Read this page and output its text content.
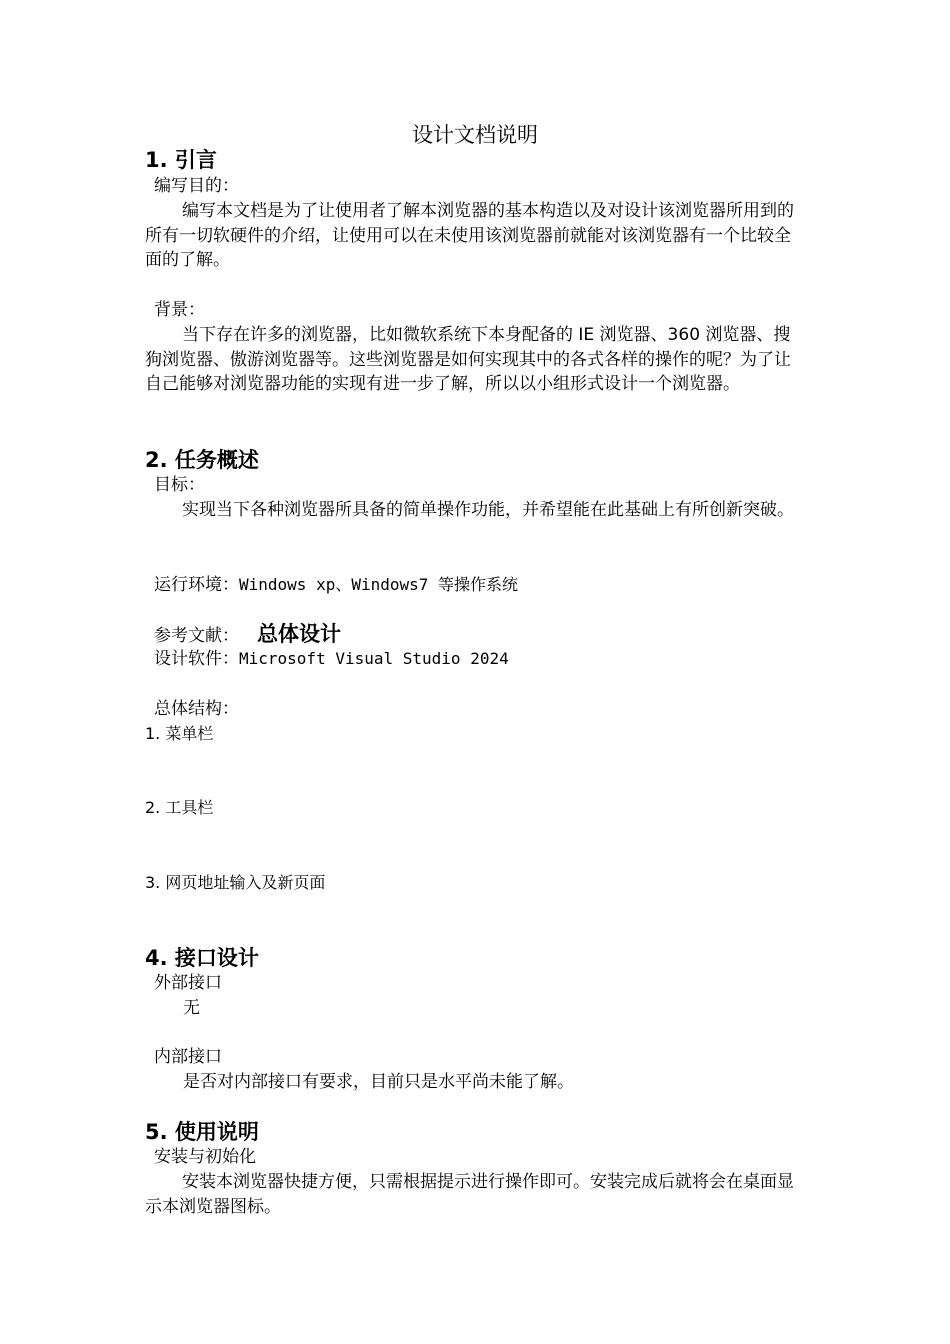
设计文档说明
1. 引言
编写目的：
编写本文档是为了让使用者了解本浏览器的基本构造以及对设计该浏览器所用到的所有一切软硬件的介绍，让使用可以在未使用该浏览器前就能对该浏览器有一个比较全面的了解。
背景：
当下存在许多的浏览器，比如微软系统下本身配备的 IE 浏览器、360 浏览器、搜狗浏览器、傲游浏览器等。这些浏览器是如何实现其中的各式各样的操作的呢？为了让自己能够对浏览器功能的实现有进一步了解，所以以小组形式设计一个浏览器。
2. 任务概述
目标：
实现当下各种浏览器所具备的简单操作功能，并希望能在此基础上有所创新突破。
运行环境：Windows xp、Windows7 等操作系统
参考文献： 总体设计
设计软件：Microsoft Visual Studio 2024
总体结构：
1. 菜单栏
2. 工具栏
3. 网页地址输入及新页面
4. 接口设计
外部接口
无
内部接口
是否对内部接口有要求，目前只是水平尚未能了解。
5. 使用说明
安装与初始化
安装本浏览器快捷方便，只需根据提示进行操作即可。安装完成后就将会在桌面显示本浏览器图标。
